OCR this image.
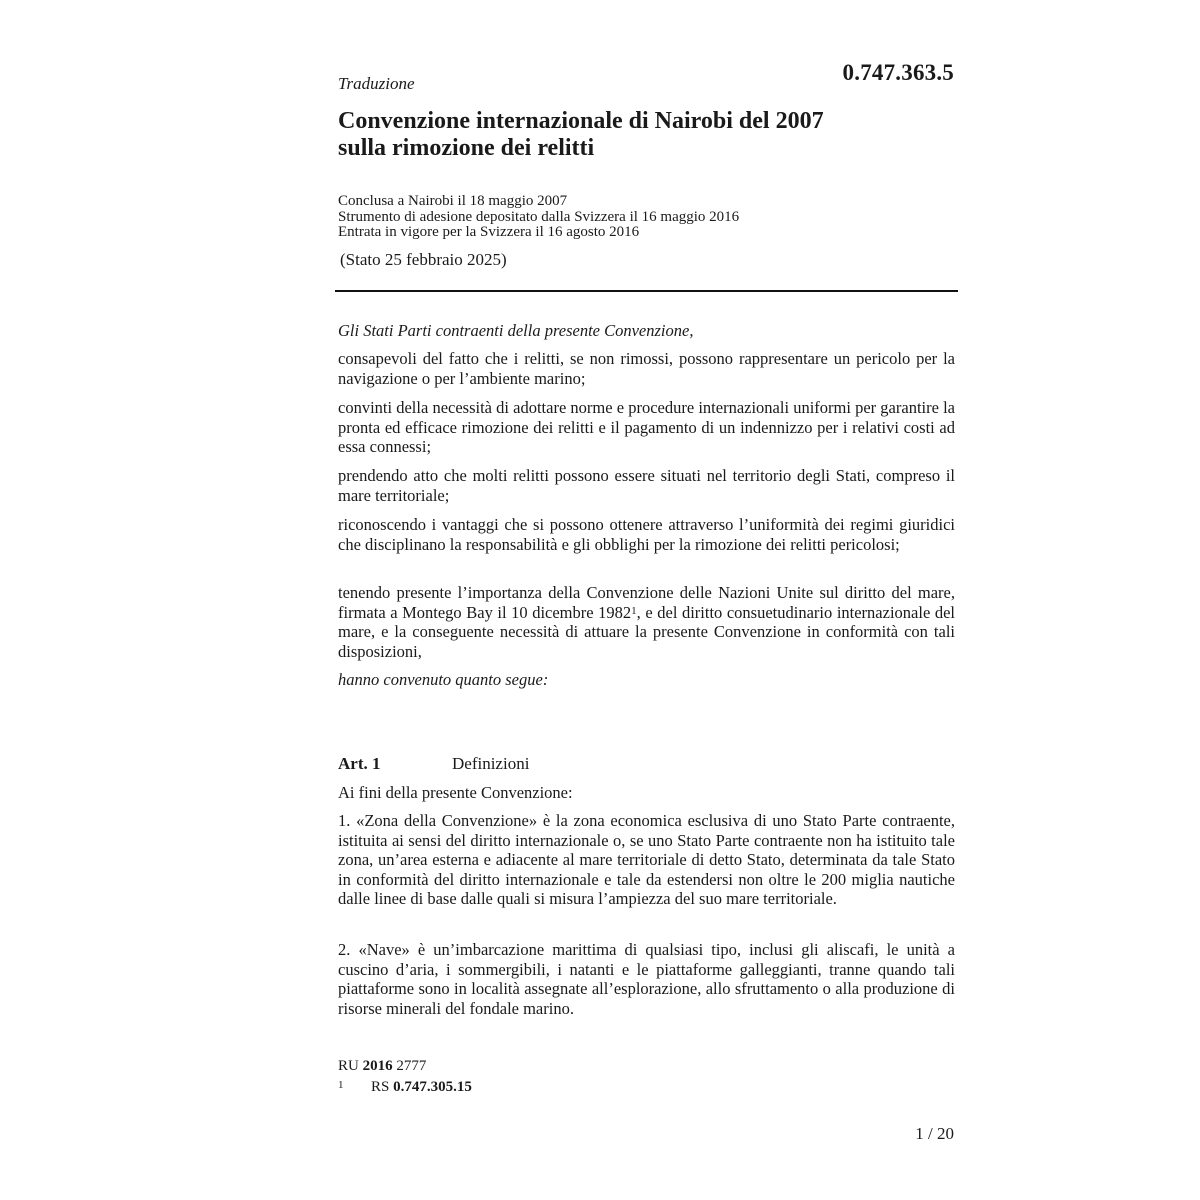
Traduzione	0.747.363.5
Convenzione internazionale di Nairobi del 2007
sulla rimozione dei relitti
Conclusa a Nairobi il 18 maggio 2007
Strumento di adesione depositato dalla Svizzera il 16 maggio 2016
Entrata in vigore per la Svizzera il 16 agosto 2016
(Stato 25 febbraio 2025)
Gli Stati Parti contraenti della presente Convenzione,
consapevoli del fatto che i relitti, se non rimossi, possono rappresentare un pericolo per la navigazione o per l’ambiente marino;
convinti della necessità di adottare norme e procedure internazionali uniformi per garantire la pronta ed efficace rimozione dei relitti e il pagamento di un indennizzo per i relativi costi ad essa connessi;
prendendo atto che molti relitti possono essere situati nel territorio degli Stati, compreso il mare territoriale;
riconoscendo i vantaggi che si possono ottenere attraverso l’uniformità dei regimi giuridici che disciplinano la responsabilità e gli obblighi per la rimozione dei relitti pericolosi;
tenendo presente l’importanza della Convenzione delle Nazioni Unite sul diritto del mare, firmata a Montego Bay il 10 dicembre 1982$^1$, e del diritto consuetudinario internazionale del mare, e la conseguente necessità di attuare la presente Convenzione in conformità con tali disposizioni,
hanno convenuto quanto segue:
Art. 1	Definizioni
Ai fini della presente Convenzione:
1. «Zona della Convenzione» è la zona economica esclusiva di uno Stato Parte contraente, istituita ai sensi del diritto internazionale o, se uno Stato Parte contraente non ha istituito tale zona, un’area esterna e adiacente al mare territoriale di detto Stato, determinata da tale Stato in conformità del diritto internazionale e tale da estendersi non oltre le 200 miglia nautiche dalle linee di base dalle quali si misura l’ampiezza del suo mare territoriale.
2. «Nave» è un’imbarcazione marittima di qualsiasi tipo, inclusi gli aliscafi, le unità a cuscino d’aria, i sommergibili, i natanti e le piattaforme galleggianti, tranne quando tali piattaforme sono in località assegnate all’esplorazione, allo sfruttamento o alla produzione di risorse minerali del fondale marino.
RU 2016 2777
1 RS 0.747.305.15
1 / 20
